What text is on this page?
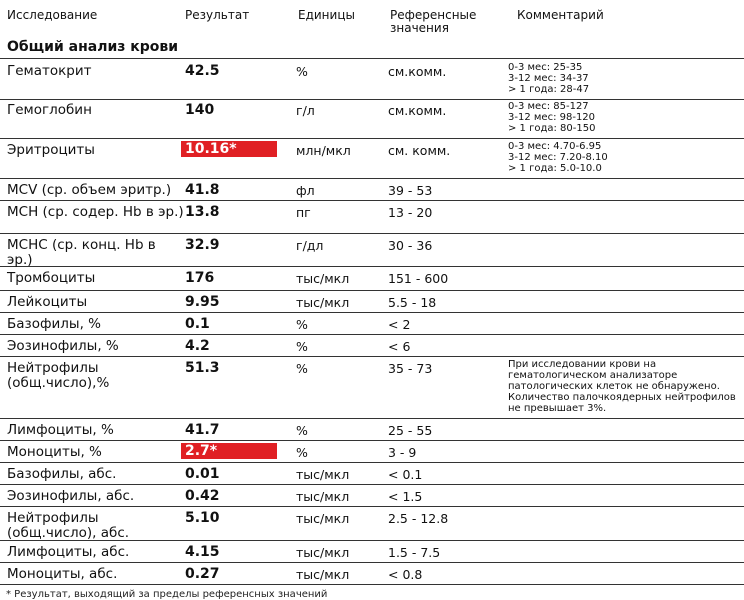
Исследование	Результат	Единицы	Референсные
значения
Комментарий
Общий анализ крови
Гематокрит	42.5	%	см.комм.	0-3 мес: 25-35
3-12 мес: 34-37
> 1 года: 28-47
Гемоглобин	140	г/л	см.комм.	0-3 мес: 85-127
3-12 мес: 98-120
> 1 года: 80-150
Эритроциты	10.16*	млн/мкл	см. комм.	0-3 мес: 4.70-6.95
3-12 мес: 7.20-8.10
> 1 года: 5.0-10.0
MCV (ср. объем эритр.) 41.8	фл	39 - 53
MCH (ср. содер. Hb в эр.) 13.8	пг	13 - 20
MCHC (ср. конц. Hb в эр.)
32.9	г/дл	30 - 36
Тромбоциты	176	тыс/мкл	151 - 600
Лейкоциты	9.95	тыс/мкл	5.5 - 18
Базофилы, %	0.1	%	< 2
Эозинофилы, %	4.2	%	< 6
Нейтрофилы (общ.число),%
51.3	%	35 - 73	При исследовании крови на
гематологическом анализаторе
патологических клеток не обнаружено.
Количество палочкоядерных нейтрофилов
не превышает 3%.
Лимфоциты, %	41.7	%	25 - 55
Моноциты, %	2.7*	%	3 - 9
Базофилы, абс.	0.01	тыс/мкл	< 0.1
Эозинофилы, абс.	0.42	тыс/мкл	< 1.5
Нейтрофилы (общ.число), абс.
5.10	тыс/мкл	2.5 - 12.8
Лимфоциты, абс.	4.15	тыс/мкл	1.5 - 7.5
Моноциты, абс.	0.27	тыс/мкл	< 0.8
* Результат, выходящий за пределы референсных значений
